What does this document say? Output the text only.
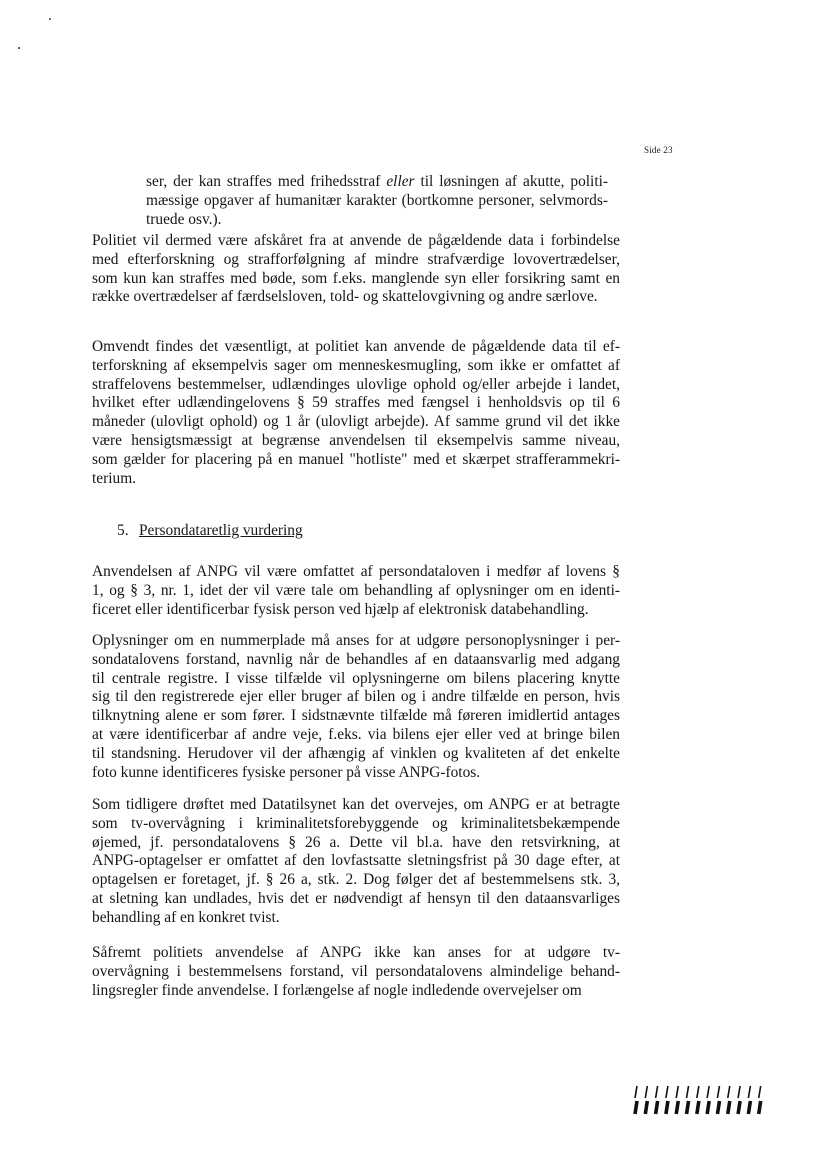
Side 23

ser, der kan straffes med frihedsstraf eller til løsningen af akutte, politi-
mæssige opgaver af humanitær karakter (bortkomne personer, selvmords-
truede osv.).

Politiet vil dermed være afskåret fra at anvende de pågældende data i forbindelse
med efterforskning og strafforfølgning af mindre strafværdige lovovertrædelser,
som kun kan straffes med bøde, som f.eks. manglende syn eller forsikring samt en
række overtrædelser af færdselsloven, told- og skattelovgivning og andre særlove.

Omvendt findes det væsentligt, at politiet kan anvende de pågældende data til ef-
terforskning af eksempelvis sager om menneskesmugling, som ikke er omfattet af
straffelovens bestemmelser, udlændinges ulovlige ophold og/eller arbejde i landet,
hvilket efter udlændingelovens § 59 straffes med fængsel i henholdsvis op til 6
måneder (ulovligt ophold) og 1 år (ulovligt arbejde). Af samme grund vil det ikke
være hensigtsmæssigt at begrænse anvendelsen til eksempelvis samme niveau,
som gælder for placering på en manuel "hotliste" med et skærpet strafferammekri-
terium.

5. Persondataretlig vurdering

Anvendelsen af ANPG vil være omfattet af persondataloven i medfør af lovens §
1, og § 3, nr. 1, idet der vil være tale om behandling af oplysninger om en identi-
ficeret eller identificerbar fysisk person ved hjælp af elektronisk databehandling.

Oplysninger om en nummerplade må anses for at udgøre personoplysninger i per-
sondatalovens forstand, navnlig når de behandles af en dataansvarlig med adgang
til centrale registre. I visse tilfælde vil oplysningerne om bilens placering knytte
sig til den registrerede ejer eller bruger af bilen og i andre tilfælde en person, hvis
tilknytning alene er som fører. I sidstnævnte tilfælde må føreren imidlertid antages
at være identificerbar af andre veje, f.eks. via bilens ejer eller ved at bringe bilen
til standsning. Herudover vil der afhængig af vinklen og kvaliteten af det enkelte
foto kunne identificeres fysiske personer på visse ANPG-fotos.

Som tidligere drøftet med Datatilsynet kan det overvejes, om ANPG er at betragte
som tv-overvågning i kriminalitetsforebyggende og kriminalitetsbekæmpende
øjemed, jf. persondatalovens § 26 a. Dette vil bl.a. have den retsvirkning, at
ANPG-optagelser er omfattet af den lovfastsatte sletningsfrist på 30 dage efter, at
optagelsen er foretaget, jf. § 26 a, stk. 2. Dog følger det af bestemmelsens stk. 3,
at sletning kan undlades, hvis det er nødvendigt af hensyn til den dataansvarliges
behandling af en konkret tvist.

Såfremt politiets anvendelse af ANPG ikke kan anses for at udgøre tv-
overvågning i bestemmelsens forstand, vil persondatalovens almindelige behand-
lingsregler finde anvendelse. I forlængelse af nogle indledende overvejelser om
